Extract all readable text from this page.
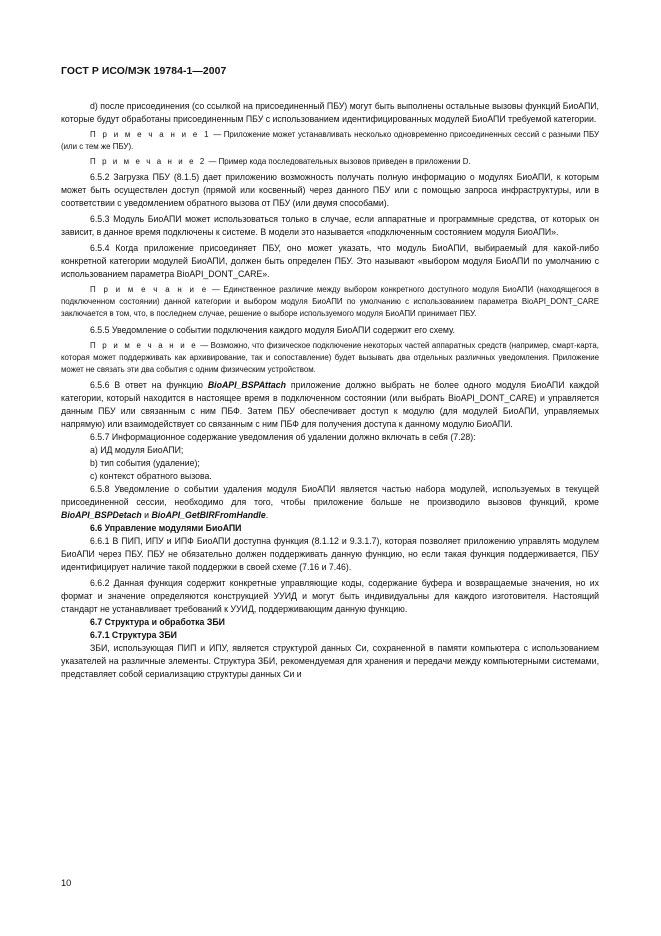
ГОСТ Р ИСО/МЭК 19784-1—2007

d) после присоединения (со ссылкой на присоединенный ПБУ) могут быть выполнены остальные вызовы функций БиоАПИ, которые будут обработаны присоединенным ПБУ с использованием идентифицированных модулей БиоАПИ требуемой категории.

П р и м е ч а н и е 1 — Приложение может устанавливать несколько одновременно присоединенных сессий с разными ПБУ (или с тем же ПБУ).

П р и м е ч а н и е 2 — Пример кода последовательных вызовов приведен в приложении D.

6.5.2 Загрузка ПБУ (8.1.5) дает приложению возможность получать полную информацию о модулях БиоАПИ, к которым может быть осуществлен доступ (прямой или косвенный) через данного ПБУ или с помощью запроса инфраструктуры, или в соответствии с уведомлением обратного вызова от ПБУ (или двумя способами).

6.5.3 Модуль БиоАПИ может использоваться только в случае, если аппаратные и программные средства, от которых он зависит, в данное время подключены к системе. В модели это называется «подключенным состоянием модуля БиоАПИ».

6.5.4 Когда приложение присоединяет ПБУ, оно может указать, что модуль БиоАПИ, выбираемый для какой-либо конкретной категории модулей БиоАПИ, должен быть определен ПБУ. Это называют «выбором модуля БиоАПИ по умолчанию с использованием параметра BioAPI_DONT_CARE».

П р и м е ч а н и е — Единственное различие между выбором конкретного доступного модуля БиоАПИ (находящегося в подключенном состоянии) данной категории и выбором модуля БиоАПИ по умолчанию с использованием параметра BioAPI_DONT_CARE заключается в том, что, в последнем случае, решение о выборе используемого модуля БиоАПИ принимает ПБУ.

6.5.5 Уведомление о событии подключения каждого модуля БиоАПИ содержит его схему.

П р и м е ч а н и е — Возможно, что физическое подключение некоторых частей аппаратных средств (например, смарт-карта, которая может поддерживать как архивирование, так и сопоставление) будет вызывать два отдельных различных уведомления. Приложение может не связать эти два события с одним физическим устройством.

6.5.6 В ответ на функцию BioAPI_BSPAttach приложение должно выбрать не более одного модуля БиоАПИ каждой категории, который находится в настоящее время в подключенном состоянии (или выбрать BioAPI_DONT_CARE) и управляется данным ПБУ или связанным с ним ПБФ. Затем ПБУ обеспечивает доступ к модулю (для модулей БиоАПИ, управляемых напрямую) или взаимодействует со связанным с ним ПБФ для получения доступа к данному модулю БиоАПИ.

6.5.7 Информационное содержание уведомления об удалении должно включать в себя (7.28):

a) ИД модуля БиоАПИ;

b) тип события (удаление);

c) контекст обратного вызова.

6.5.8 Уведомление о событии удаления модуля БиоАПИ является частью набора модулей, используемых в текущей присоединенной сессии, необходимо для того, чтобы приложение больше не производило вызовов функций, кроме BioAPI_BSPDetach и BioAPI_GetBIRFromHandle.

6.6 Управление модулями БиоАПИ

6.6.1 В ПИП, ИПУ и ИПФ БиоАПИ доступна функция (8.1.12 и 9.3.1.7), которая позволяет приложению управлять модулем БиоАПИ через ПБУ. ПБУ не обязательно должен поддерживать данную функцию, но если такая функция поддерживается, ПБУ идентифицирует наличие такой поддержки в своей схеме (7.16 и 7.46).

6.6.2 Данная функция содержит конкретные управляющие коды, содержание буфера и возвращаемые значения, но их формат и значение определяются конструкцией УУИД и могут быть индивидуальны для каждого изготовителя. Настоящий стандарт не устанавливает требований к УУИД, поддерживающим данную функцию.

6.7 Структура и обработка ЗБИ

6.7.1 Структура ЗБИ

ЗБИ, использующая ПИП и ИПУ, является структурой данных Си, сохраненной в памяти компьютера с использованием указателей на различные элементы. Структура ЗБИ, рекомендуемая для хранения и передачи между компьютерными системами, представляет собой сериализацию структуры данных Си и

10
